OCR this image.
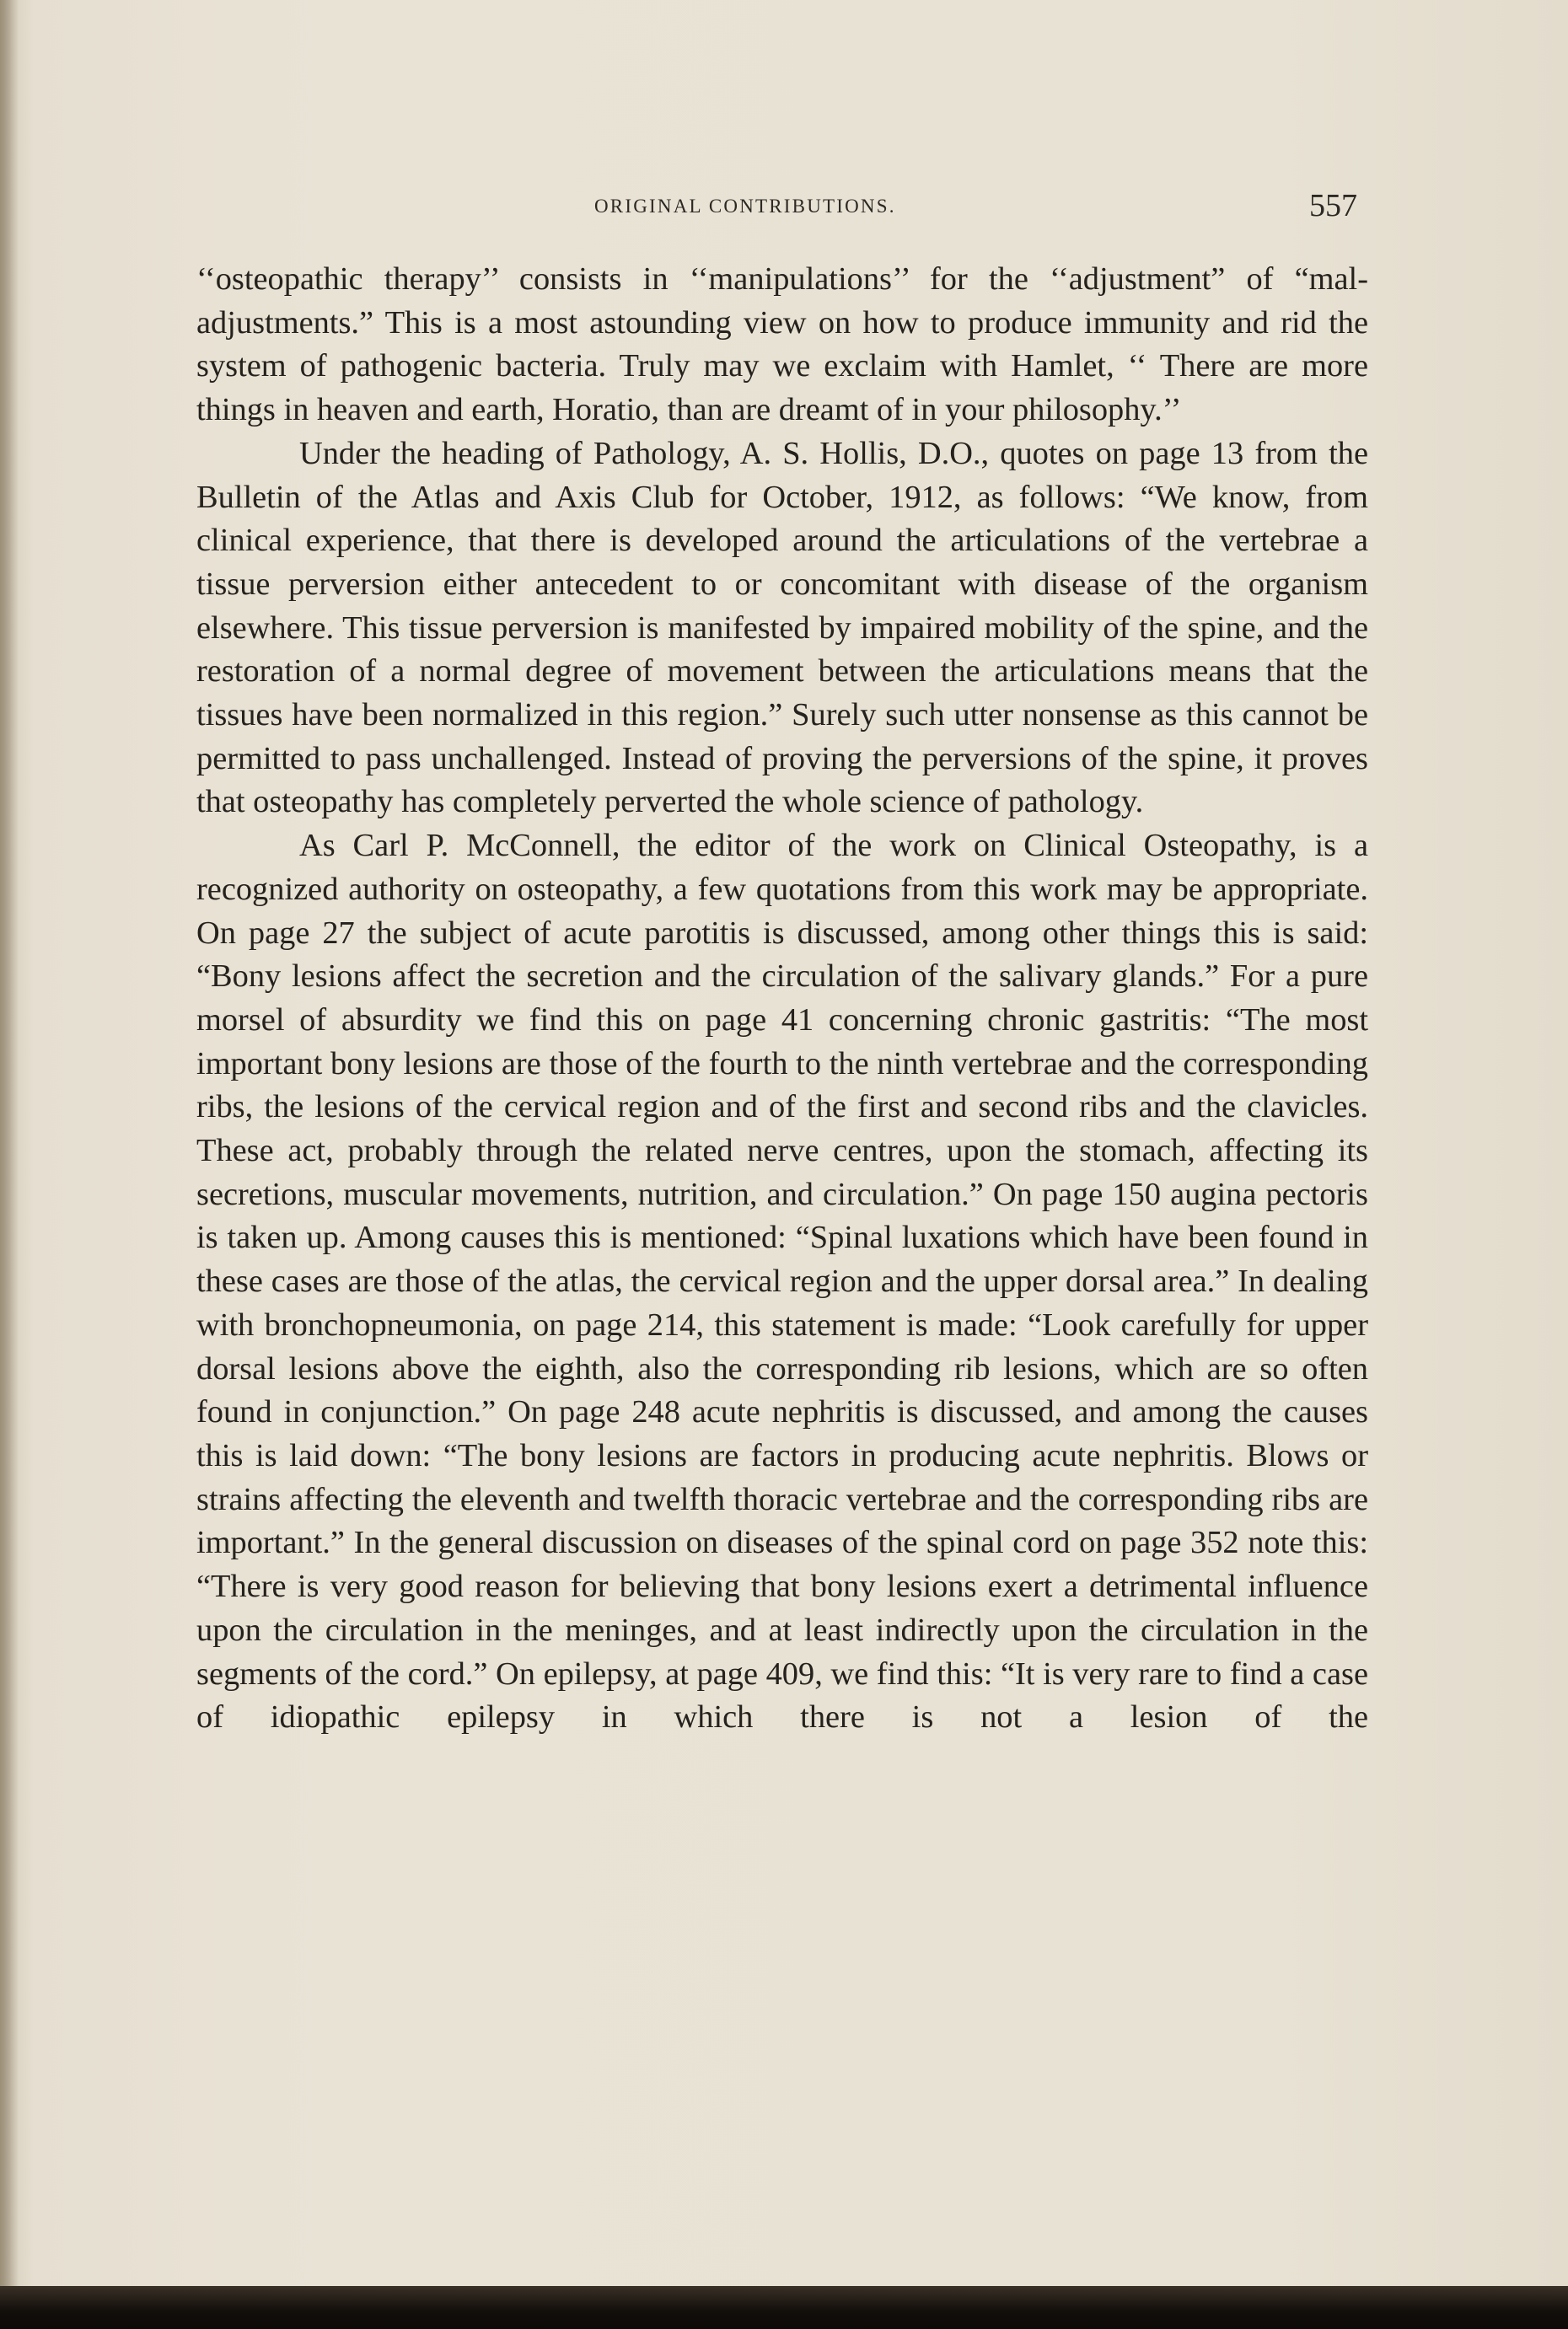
ORIGINAL CONTRIBUTIONS.	557

‘‘osteopathic therapy’’ consists in ‘‘manipulations’’ for the ‘‘adjustment” of “mal-adjustments.” This is a most astounding view on how to produce immunity and rid the system of pathogenic bacteria. Truly may we exclaim with Hamlet, ‘‘ There are more things in heaven and earth, Horatio, than are dreamt of in your philosophy.’’

Under the heading of Pathology, A. S. Hollis, D.O., quotes on page 13 from the Bulletin of the Atlas and Axis Club for October, 1912, as follows: “We know, from clinical experience, that there is developed around the articulations of the vertebrae a tissue perversion either antecedent to or concomitant with disease of the organism elsewhere. This tissue perversion is manifested by impaired mobility of the spine, and the restoration of a normal degree of movement between the articulations means that the tissues have been normalized in this region.” Surely such utter nonsense as this cannot be permitted to pass unchallenged. Instead of proving the perversions of the spine, it proves that osteopathy has completely perverted the whole science of pathology.

As Carl P. McConnell, the editor of the work on Clinical Osteopathy, is a recognized authority on osteopathy, a few quotations from this work may be appropriate. On page 27 the subject of acute parotitis is discussed, among other things this is said: “Bony lesions affect the secretion and the circulation of the salivary glands.” For a pure morsel of absurdity we find this on page 41 concerning chronic gastritis: “The most important bony lesions are those of the fourth to the ninth vertebrae and the corresponding ribs, the lesions of the cervical region and of the first and second ribs and the clavicles. These act, probably through the related nerve centres, upon the stomach, affecting its secretions, muscular movements, nutrition, and circulation.” On page 150 augina pectoris is taken up. Among causes this is mentioned: “Spinal luxations which have been found in these cases are those of the atlas, the cervical region and the upper dorsal area.” In dealing with bronchopneumonia, on page 214, this statement is made: “Look carefully for upper dorsal lesions above the eighth, also the corresponding rib lesions, which are so often found in conjunction.” On page 248 acute nephritis is discussed, and among the causes this is laid down: “The bony lesions are factors in producing acute nephritis. Blows or strains affecting the eleventh and twelfth thoracic vertebrae and the corresponding ribs are important.” In the general discussion on diseases of the spinal cord on page 352 note this: “There is very good reason for believing that bony lesions exert a detrimental influence upon the circulation in the meninges, and at least indirectly upon the circulation in the segments of the cord.” On epilepsy, at page 409, we find this: “It is very rare to find a case of idiopathic epilepsy in which there is not a lesion of the
